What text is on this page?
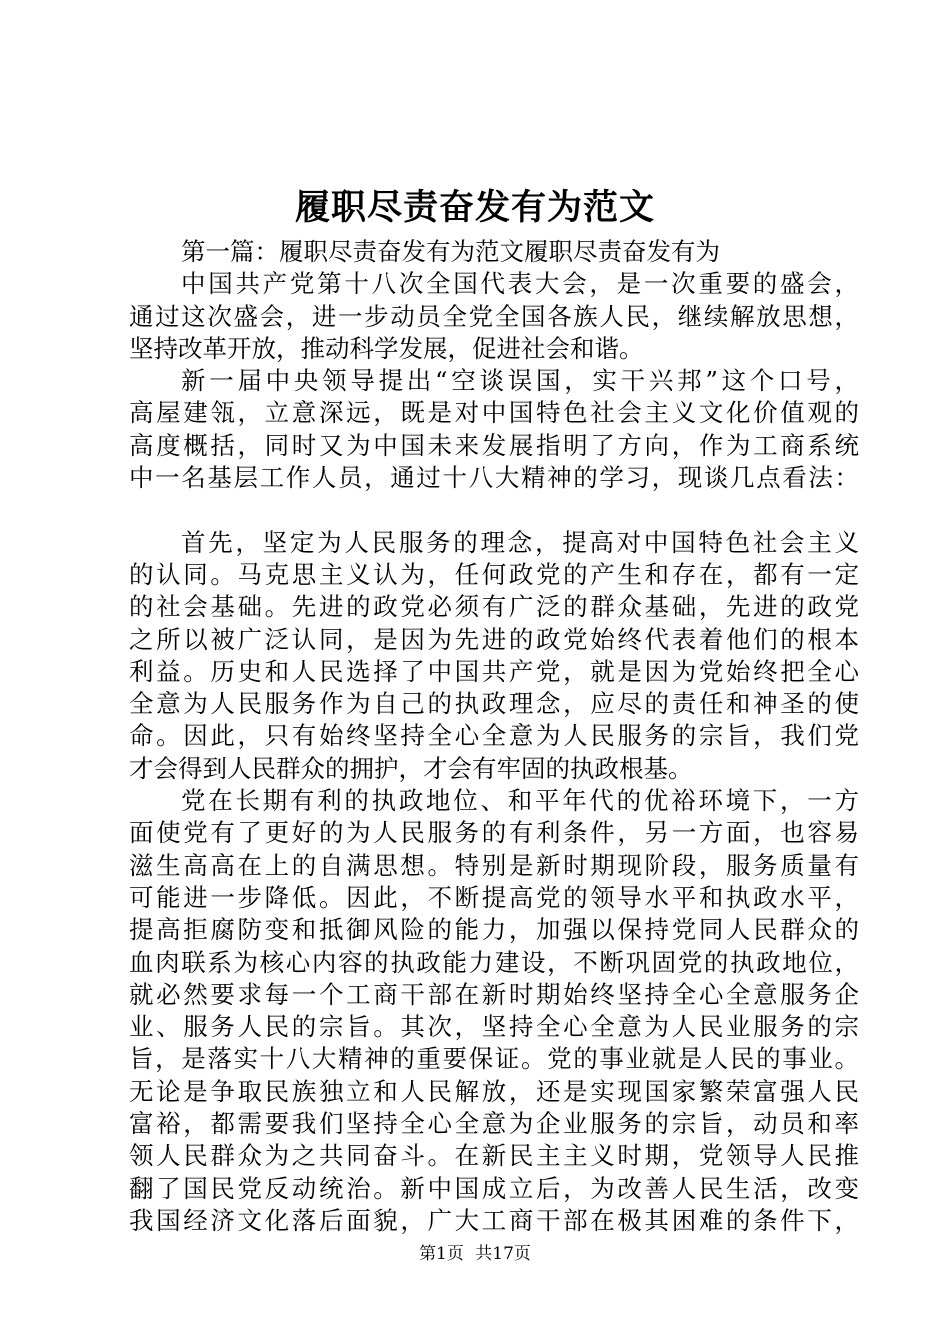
履职尽责奋发有为范文
第一篇：履职尽责奋发有为范文履职尽责奋发有为
中国共产党第十八次全国代表大会，是一次重要的盛会，
通过这次盛会，进一步动员全党全国各族人民，继续解放思想，
坚持改革开放，推动科学发展，促进社会和谐。
新一届中央领导提出“空谈误国，实干兴邦”这个口号，
高屋建瓴，立意深远，既是对中国特色社会主义文化价值观的
高度概括，同时又为中国未来发展指明了方向，作为工商系统
中一名基层工作人员，通过十八大精神的学习，现谈几点看法：
首先，坚定为人民服务的理念，提高对中国特色社会主义
的认同。马克思主义认为，任何政党的产生和存在，都有一定
的社会基础。先进的政党必须有广泛的群众基础，先进的政党
之所以被广泛认同，是因为先进的政党始终代表着他们的根本
利益。历史和人民选择了中国共产党，就是因为党始终把全心
全意为人民服务作为自己的执政理念，应尽的责任和神圣的使
命。因此，只有始终坚持全心全意为人民服务的宗旨，我们党
才会得到人民群众的拥护，才会有牢固的执政根基。
党在长期有利的执政地位、和平年代的优裕环境下，一方
面使党有了更好的为人民服务的有利条件，另一方面，也容易
滋生高高在上的自满思想。特别是新时期现阶段，服务质量有
可能进一步降低。因此，不断提高党的领导水平和执政水平，
提高拒腐防变和抵御风险的能力，加强以保持党同人民群众的
血肉联系为核心内容的执政能力建设，不断巩固党的执政地位，
就必然要求每一个工商干部在新时期始终坚持全心全意服务企
业、服务人民的宗旨。其次，坚持全心全意为人民业服务的宗
旨，是落实十八大精神的重要保证。党的事业就是人民的事业。
无论是争取民族独立和人民解放，还是实现国家繁荣富强人民
富裕，都需要我们坚持全心全意为企业服务的宗旨，动员和率
领人民群众为之共同奋斗。在新民主主义时期，党领导人民推
翻了国民党反动统治。新中国成立后，为改善人民生活，改变
我国经济文化落后面貌，广大工商干部在极其困难的条件下，
第1页 共17页
